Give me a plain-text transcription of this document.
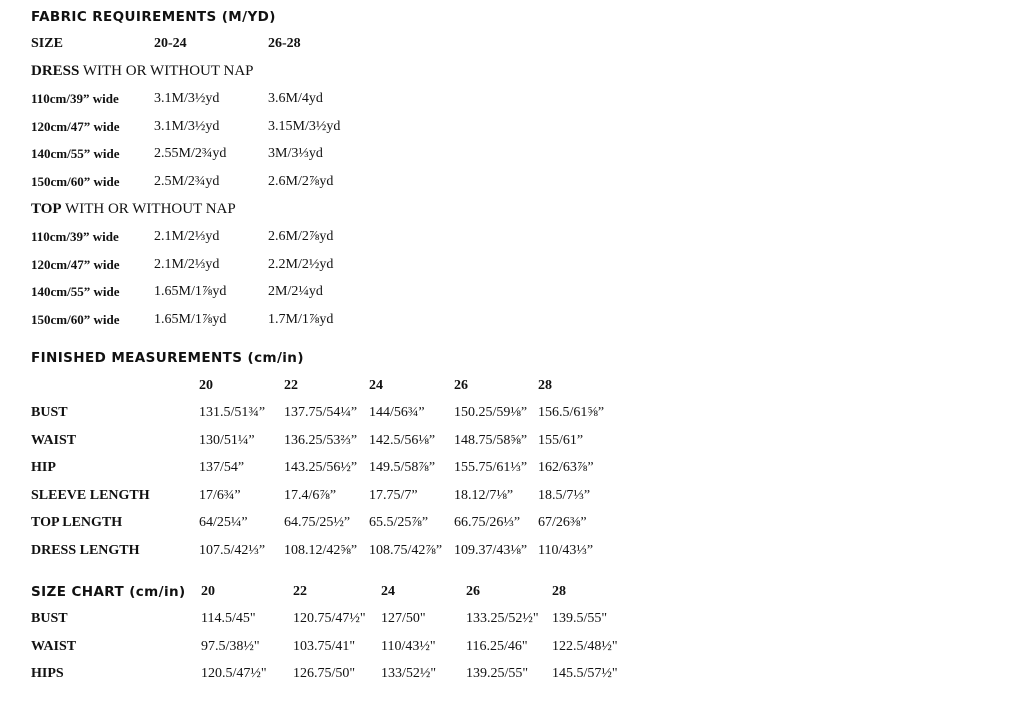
FABRIC REQUIREMENTS (M/YD)
FINISHED MEASUREMENTS (cm/in)
SIZE CHART (cm/in)
SIZE	20-24	26-28
DRESS WITH OR WITHOUT NAP
110cm/39” wide	3.1M/3½yd	3.6M/4yd
120cm/47” wide 3.1M/3½yd	3.15M/3½yd
140cm/55” wide 2.55M/2¾yd	3M/3⅓yd
150cm/60” wide 2.5M/2¾yd	2.6M/2⅞yd
TOP WITH OR WITHOUT NAP
110cm/39” wide	2.1M/2⅓yd	2.6M/2⅞yd
120cm/47” wide 2.1M/2⅓yd	2.2M/2½yd
140cm/55” wide 1.65M/1⅞yd	2M/2¼yd
150cm/60” wide 1.65M/1⅞yd	1.7M/1⅞yd
20	22	24	26	28
BUST	131.5/51¾” 137.75/54¼” 144/56¾” 150.25/59⅛” 156.5/61⅝”
WAIST	130/51¼” 136.25/53⅔” 142.5/56⅛” 148.75/58⅝” 155/61”
HIP	137/54”	143.25/56½” 149.5/58⅞” 155.75/61⅓” 162/63⅞”
SLEEVE LENGTH	17/6¾”	17.4/6⅞” 17.75/7”	18.12/7⅛” 18.5/7⅓”
TOP LENGTH	64/25¼”	64.75/25½” 65.5/25⅞” 66.75/26⅓” 67/26⅜”
DRESS LENGTH	107.5/42⅓” 108.12/42⅝” 108.75/42⅞” 109.37/43⅛” 110/43⅓”
20	22	24	26	28
BUST	114.5/45"	120.75/47½" 127/50"	133.25/52½" 139.5/55"
WAIST	97.5/38½" 103.75/41" 110/43½" 116.25/46" 122.5/48½"
HIPS	120.5/47½" 126.75/50" 133/52½" 139.25/55" 145.5/57½"
